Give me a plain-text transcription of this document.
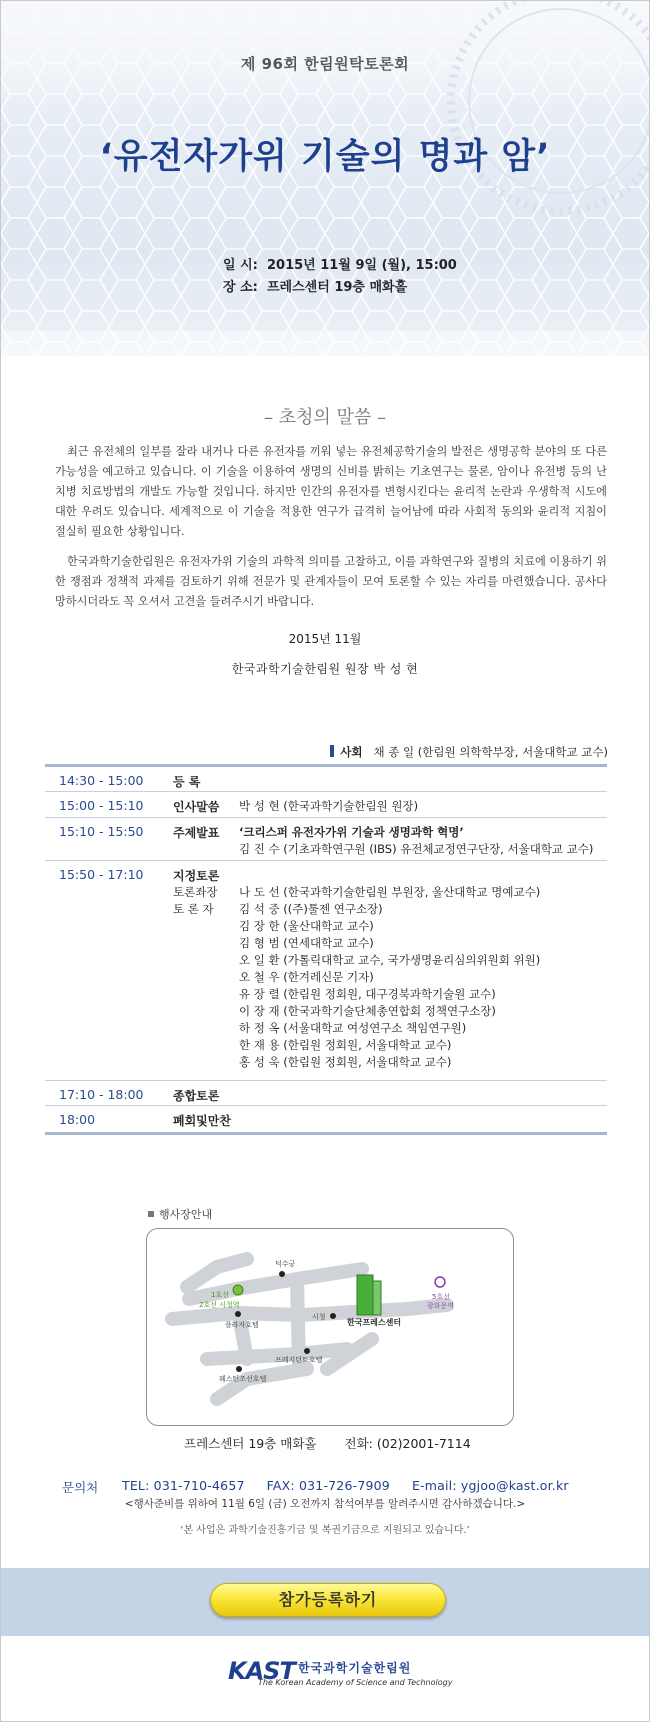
제 96회 한림원탁토론회
‘유전자가위 기술의 명과 암’
일 시: 2015년 11월 9일 (월), 15:00
장 소: 프레스센터 19층 매화홀
– 초청의 말씀 –

최근 유전체의 일부를 잘라 내거나 다른 유전자를 끼워 넣는 유전체공학기술의 발전은 생명공학 분야의 또 다른 가능성을 예고하고 있습니다. 이 기술을 이용하여 생명의 신비를 밝히는 기초연구는 물론, 암이나 유전병 등의 난치병 치료방법의 개발도 가능할 것입니다. 하지만 인간의 유전자를 변형시킨다는 윤리적 논란과 우생학적 시도에 대한 우려도 있습니다. 세계적으로 이 기술을 적용한 연구가 급격히 늘어남에 따라 사회적 동의와 윤리적 지침이 절실히 필요한 상황입니다.

한국과학기술한림원은 유전자가위 기술의 과학적 의미를 고찰하고, 이를 과학연구와 질병의 치료에 이용하기 위한 쟁점과 정책적 과제를 검토하기 위해 전문가 및 관계자들이 모여 토론할 수 있는 자리를 마련했습니다. 공사다망하시더라도 꼭 오셔서 고견을 들려주시기 바랍니다.

2015년 11월
한국과학기술한림원 원장 박 성 현
사회 채 종 일 (한림원 의학학부장, 서울대학교 교수)
14:30 - 15:00 등 록
15:00 - 15:10 인사말씀 박 성 현 (한국과학기술한림원 원장)
15:10 - 15:50 주제발표 ‘크리스퍼 유전자가위 기술과 생명과학 혁명’
김 진 수 (기초과학연구원 (IBS) 유전체교정연구단장, 서울대학교 교수)
15:50 - 17:10 지정토론
토론좌장
토 론 자
나 도 선 (한국과학기술한림원 부원장, 울산대학교 명예교수)
김 석 중 ((주)툴젠 연구소장)
김 장 한 (울산대학교 교수)
김 형 범 (연세대학교 교수)
오 일 환 (가톨릭대학교 교수, 국가생명윤리심의위원회 위원)
오 철 우 (한겨레신문 기자)
유 장 렬 (한림원 정회원, 대구경북과학기술원 교수)
이 장 재 (한국과학기술단체총연합회 정책연구소장)
하 정 옥 (서울대학교 여성연구소 책임연구원)
한 재 용 (한림원 정회원, 서울대학교 교수)
홍 성 욱 (한림원 정회원, 서울대학교 교수)
17:10 - 18:00 종합토론
18:00	폐회및만찬
행사장안내
덕수궁
1호선
2호선 시청역
플라자호텔
시청
한국프레스센터
5호선
광화문역
프레지던트호텔
웨스틴조선호텔
프레스센터 19층 매화홀 전화: (02)2001-7114
문의처 TEL: 031-710-4657 FAX: 031-726-7909 E-mail: ygjoo@kast.or.kr
<행사준비를 위하여 11월 6일 (금) 오전까지 참석여부를 알려주시면 감사하겠습니다.>
‘본 사업은 과학기술진흥기금 및 복권기금으로 지원되고 있습니다.’
참가등록하기
KAST 한국과학기술한림원
The Korean Academy of Science and Technology
